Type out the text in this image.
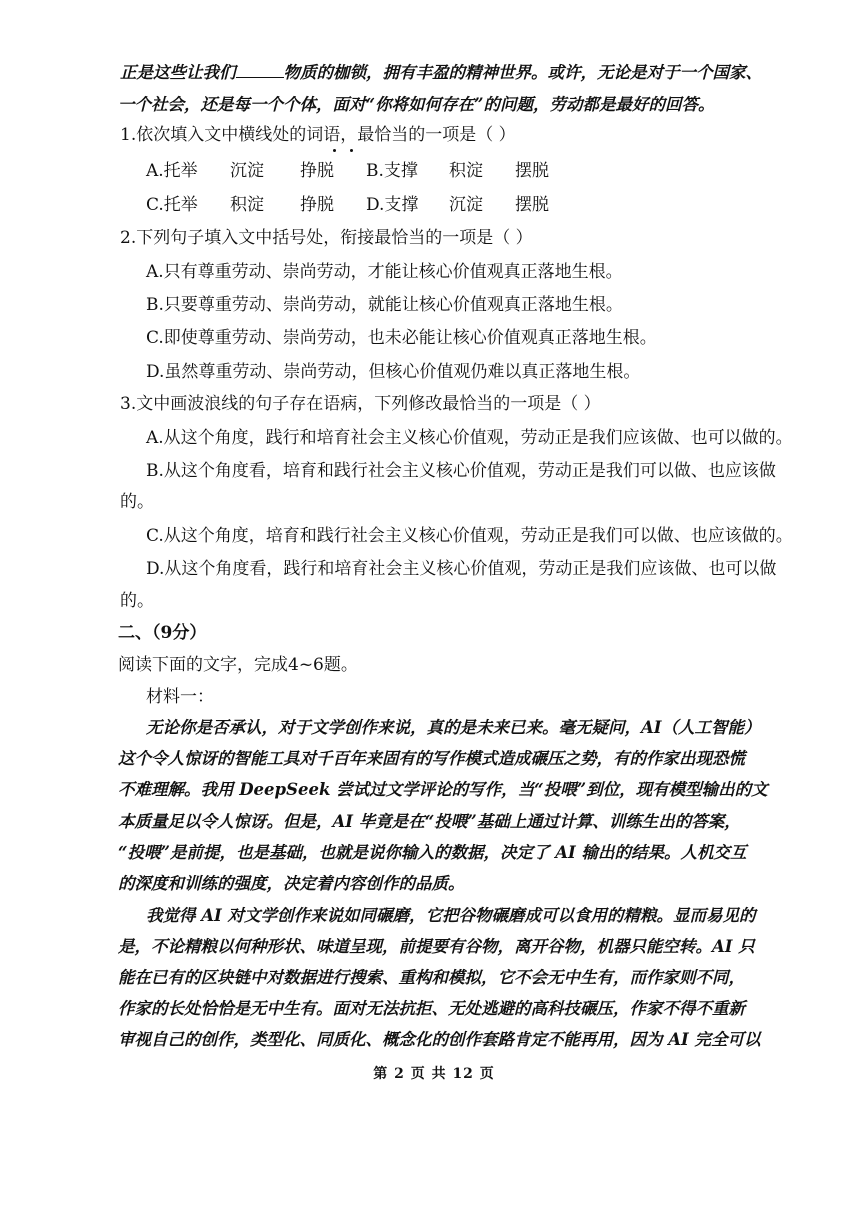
正是这些让我们	物质的枷锁，拥有丰盈的精神世界。或许，无论是对于一个国家、
一个社会，还是每一个个体，面对“你将如何存在”的问题，劳动都是最好的回答。
1.依次填入文中横线处的词语，最恰当的一项是（ ）
A.托举 沉淀 挣脱 B.支撑 积淀 摆脱
C.托举 积淀 挣脱 D.支撑 沉淀 摆脱
2.下列句子填入文中括号处，衔接最恰当的一项是（ ）
A.只有尊重劳动、崇尚劳动，才能让核心价值观真正落地生根。
B.只要尊重劳动、崇尚劳动，就能让核心价值观真正落地生根。
C.即使尊重劳动、崇尚劳动，也未必能让核心价值观真正落地生根。
D.虽然尊重劳动、崇尚劳动，但核心价值观仍难以真正落地生根。
3.文中画波浪线的句子存在语病，下列修改最恰当的一项是（ ）
A.从这个角度，践行和培育社会主义核心价值观，劳动正是我们应该做、也可以做的。
B.从这个角度看，培育和践行社会主义核心价值观，劳动正是我们可以做、也应该做
的。
C.从这个角度，培育和践行社会主义核心价值观，劳动正是我们可以做、也应该做的。
D.从这个角度看，践行和培育社会主义核心价值观，劳动正是我们应该做、也可以做
的。
二、（9分）
阅读下面的文字，完成4~6题。
材料一：
无论你是否承认，对于文学创作来说，真的是未来已来。毫无疑问，AI（人工智能）
这个令人惊讶的智能工具对千百年来固有的写作模式造成碾压之势，有的作家出现恐慌
不难理解。我用 DeepSeek 尝试过文学评论的写作，当“投喂”到位，现有模型输出的文
本质量足以令人惊讶。但是，AI 毕竟是在“投喂”基础上通过计算、训练生出的答案，
“投喂”是前提，也是基础，也就是说你输入的数据，决定了 AI 输出的结果。人机交互
的深度和训练的强度，决定着内容创作的品质。
我觉得 AI 对文学创作来说如同碾磨，它把谷物碾磨成可以食用的精粮。显而易见的
是，不论精粮以何种形状、味道呈现，前提要有谷物，离开谷物，机器只能空转。AI 只
能在已有的区块链中对数据进行搜索、重构和模拟，它不会无中生有，而作家则不同，
作家的长处恰恰是无中生有。面对无法抗拒、无处逃避的高科技碾压，作家不得不重新
审视自己的创作，类型化、同质化、概念化的创作套路肯定不能再用，因为 AI 完全可以
第 2 页 共 12 页
